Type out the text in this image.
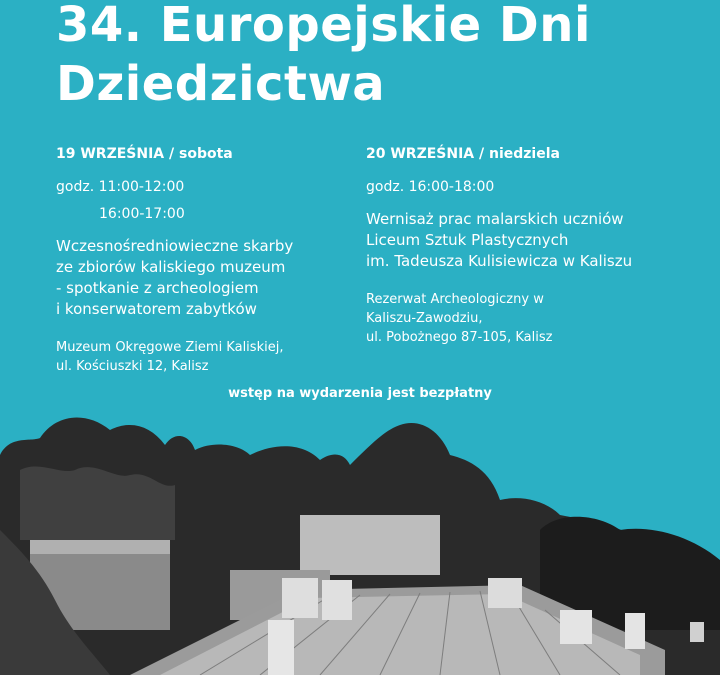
34. Europejskie Dni
Dziedzictwa
19 WRZEŚNIA / sobota
godz. 11:00-12:00
16:00-17:00
Wczesnośredniowieczne skarby
ze zbiorów kaliskiego muzeum
- spotkanie z archeologiem
i konserwatorem zabytków
Muzeum Okręgowe Ziemi Kaliskiej,
ul. Kościuszki 12, Kalisz
20 WRZEŚNIA / niedziela
godz. 16:00-18:00
Wernisaż prac malarskich uczniów
Liceum Sztuk Plastycznych
im. Tadeusza Kulisiewicza w Kaliszu
Rezerwat Archeologiczny w
Kaliszu-Zawodziu,
ul. Pobożnego 87-105, Kalisz
wstęp na wydarzenia jest bezpłatny
